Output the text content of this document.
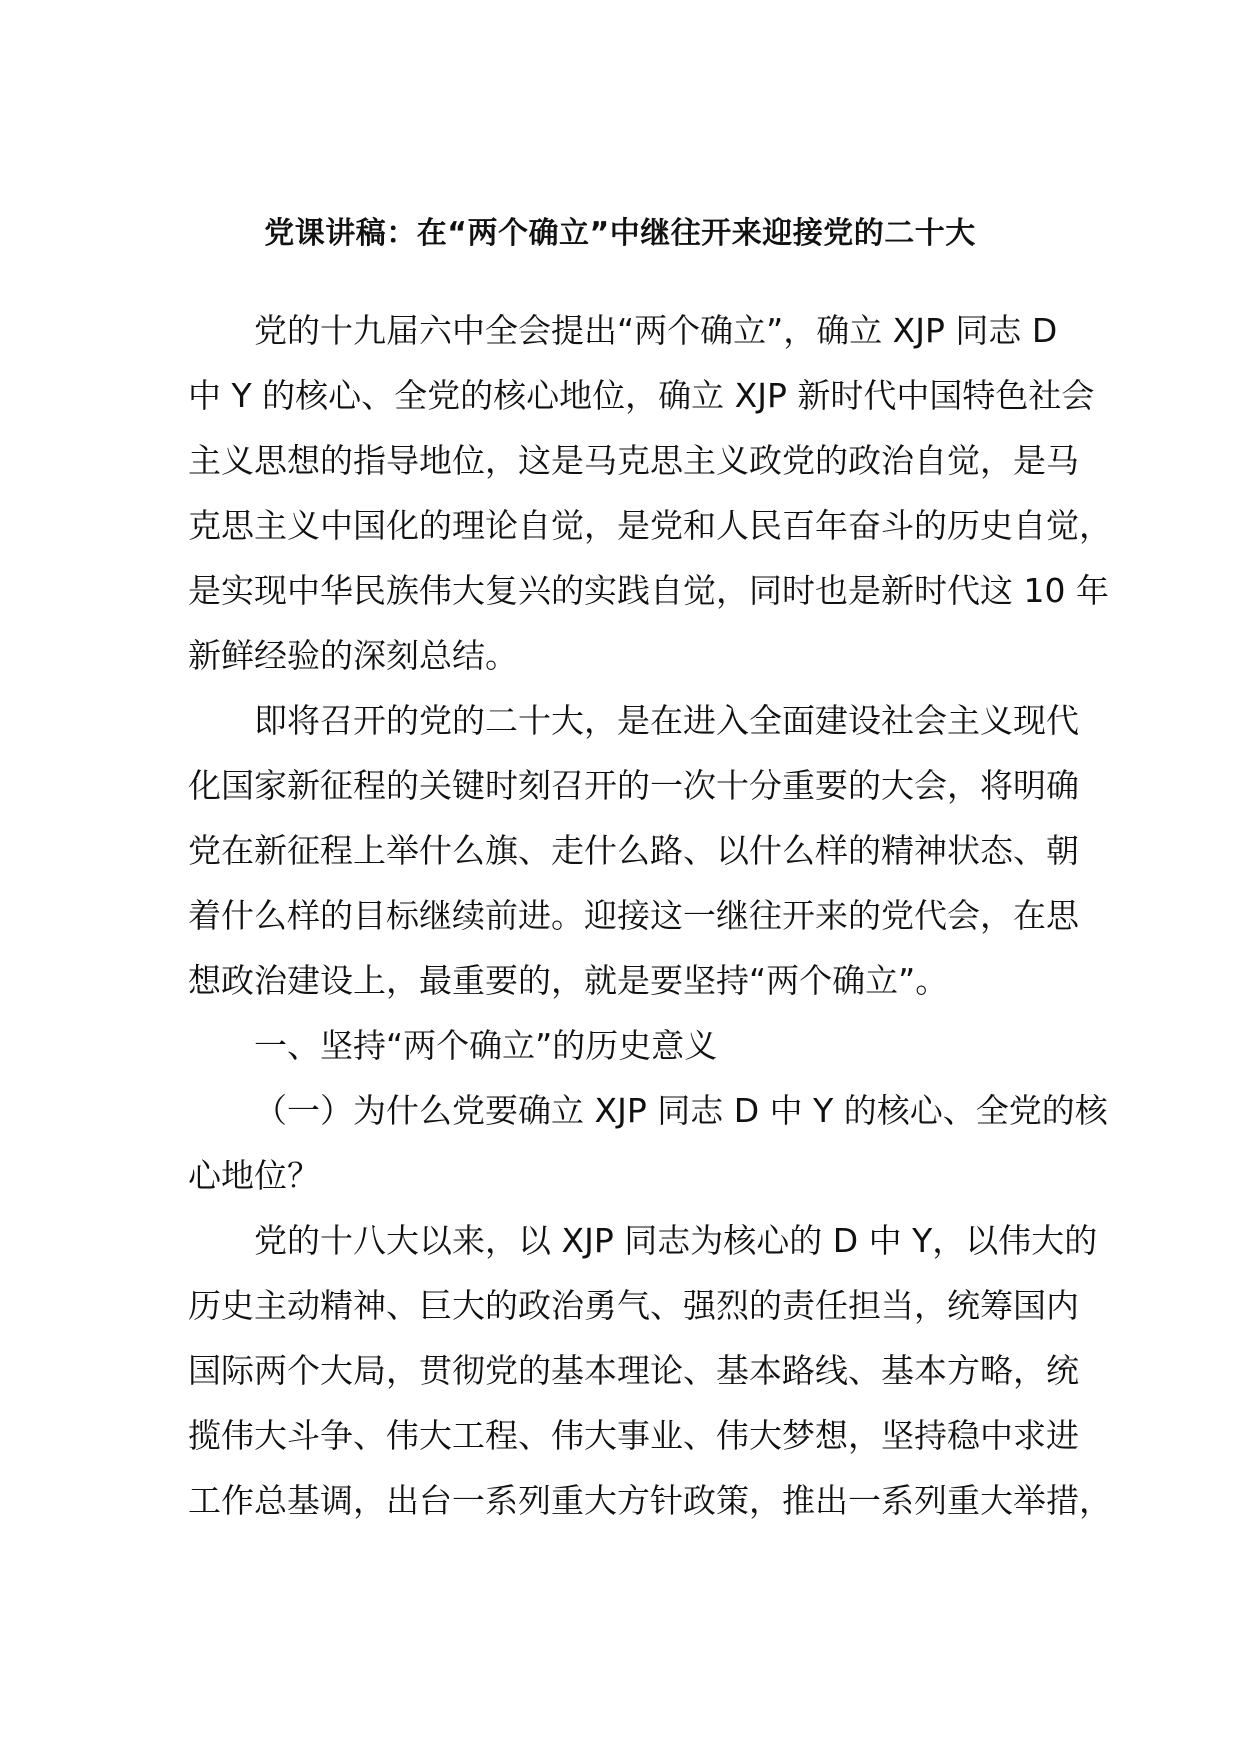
党课讲稿：在“两个确立”中继往开来迎接党的二十大
党的十九届六中全会提出“两个确立”，确立 XJP 同志 D
中 Y 的核心、全党的核心地位，确立 XJP 新时代中国特色社会
主义思想的指导地位，这是马克思主义政党的政治自觉，是马
克思主义中国化的理论自觉，是党和人民百年奋斗的历史自觉，
是实现中华民族伟大复兴的实践自觉，同时也是新时代这 10 年
新鲜经验的深刻总结。
即将召开的党的二十大，是在进入全面建设社会主义现代
化国家新征程的关键时刻召开的一次十分重要的大会，将明确
党在新征程上举什么旗、走什么路、以什么样的精神状态、朝
着什么样的目标继续前进。迎接这一继往开来的党代会，在思
想政治建设上，最重要的，就是要坚持“两个确立”。
一、坚持“两个确立”的历史意义
（一）为什么党要确立 XJP 同志 D 中 Y 的核心、全党的核
心地位？
党的十八大以来，以 XJP 同志为核心的 D 中 Y，以伟大的
历史主动精神、巨大的政治勇气、强烈的责任担当，统筹国内
国际两个大局，贯彻党的基本理论、基本路线、基本方略，统
揽伟大斗争、伟大工程、伟大事业、伟大梦想，坚持稳中求进
工作总基调，出台一系列重大方针政策，推出一系列重大举措，
